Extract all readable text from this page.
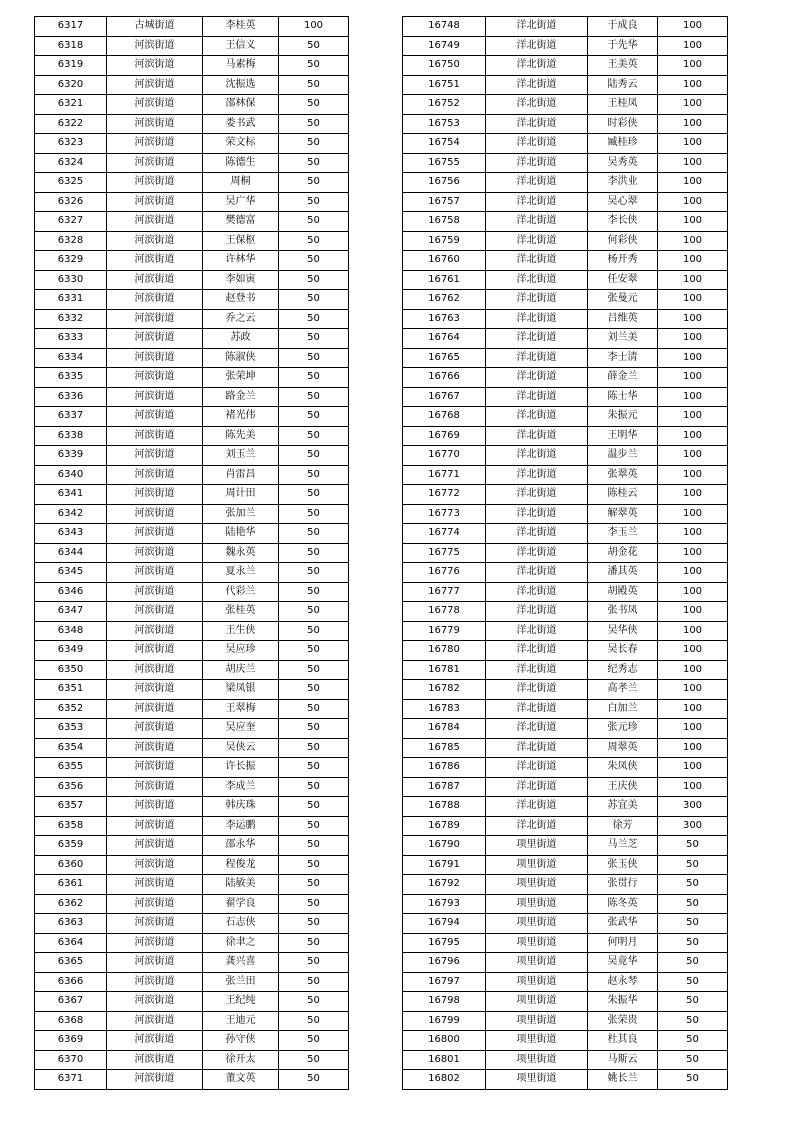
6317	古城街道	李桂英	100
6318	河滨街道	王信义	50
6319	河滨街道	马素梅	50
6320	河滨街道	沈振选	50
6321	河滨街道	邵林保	50
6322	河滨街道	娄书武	50
6323	河滨街道	荣文标	50
6324	河滨街道	陈德生	50
6325	河滨街道	周桐	50
6326	河滨街道	吴广华	50
6327	河滨街道	樊德富	50
6328	河滨街道	王保枢	50
6329	河滨街道	许林华	50
6330	河滨街道	李如寅	50
6331	河滨街道	赵登书	50
6332	河滨街道	乔之云	50
6333	河滨街道	苏政	50
6334	河滨街道	陈淑侠	50
6335	河滨街道	张荣坤	50
6336	河滨街道	路金兰	50
6337	河滨街道	褚光伟	50
6338	河滨街道	陈先美	50
6339	河滨街道	刘玉兰	50
6340	河滨街道	肖雷昌	50
6341	河滨街道	周计田	50
6342	河滨街道	张加兰	50
6343	河滨街道	陆艳华	50
6344	河滨街道	魏永英	50
6345	河滨街道	夏永兰	50
6346	河滨街道	代彩兰	50
6347	河滨街道	张桂英	50
6348	河滨街道	王生侠	50
6349	河滨街道	吴应珍	50
6350	河滨街道	胡庆兰	50
6351	河滨街道	梁凤银	50
6352	河滨街道	王翠梅	50
6353	河滨街道	吴应奎	50
6354	河滨街道	吴侠云	50
6355	河滨街道	许长振	50
6356	河滨街道	李成兰	50
6357	河滨街道	韩庆珠	50
6358	河滨街道	李运鹏	50
6359	河滨街道	邵永华	50
6360	河滨街道	程俊龙	50
6361	河滨街道	陆敏美	50
6362	河滨街道	翟学良	50
6363	河滨街道	石志侠	50
6364	河滨街道	徐聿之	50
6365	河滨街道	龚兴喜	50
6366	河滨街道	张兰田	50
6367	河滨街道	王纪纯	50
6368	河滨街道	王迪元	50
6369	河滨街道	孙守侠	50
6370	河滨街道	徐开太	50
6371	河滨街道	董文英	50
16748	洋北街道	于成良	100
16749	洋北街道	于先华	100
16750	洋北街道	王美英	100
16751	洋北街道	陆秀云	100
16752	洋北街道	王桂凤	100
16753	洋北街道	时彩侠	100
16754	洋北街道	臧桂珍	100
16755	洋北街道	吴秀英	100
16756	洋北街道	李洪业	100
16757	洋北街道	吴心翠	100
16758	洋北街道	李长侠	100
16759	洋北街道	何彩侠	100
16760	洋北街道	杨开秀	100
16761	洋北街道	任安翠	100
16762	洋北街道	张曼元	100
16763	洋北街道	吕维英	100
16764	洋北街道	刘兰美	100
16765	洋北街道	李士清	100
16766	洋北街道	薛金兰	100
16767	洋北街道	陈士华	100
16768	洋北街道	朱振元	100
16769	洋北街道	王明华	100
16770	洋北街道	温步兰	100
16771	洋北街道	张翠英	100
16772	洋北街道	陈桂云	100
16773	洋北街道	解翠英	100
16774	洋北街道	李玉兰	100
16775	洋北街道	胡金花	100
16776	洋北街道	潘其英	100
16777	洋北街道	胡殿英	100
16778	洋北街道	张书凤	100
16779	洋北街道	吴华侠	100
16780	洋北街道	吴长春	100
16781	洋北街道	纪秀志	100
16782	洋北街道	高孝兰	100
16783	洋北街道	白加兰	100
16784	洋北街道	张元珍	100
16785	洋北街道	周翠英	100
16786	洋北街道	朱凤侠	100
16787	洋北街道	王庆侠	100
16788	洋北街道	苏宜美	300
16789	洋北街道	徐芳	300
16790	项里街道	马兰芝	50
16791	项里街道	张玉侠	50
16792	项里街道	张贯行	50
16793	项里街道	陈冬英	50
16794	项里街道	张武华	50
16795	项里街道	何明月	50
16796	项里街道	吴竟华	50
16797	项里街道	赵永琴	50
16798	项里街道	朱振华	50
16799	项里街道	张荣贵	50
16800	项里街道	杜其良	50
16801	项里街道	马斯云	50
16802	项里街道	姚长兰	50
